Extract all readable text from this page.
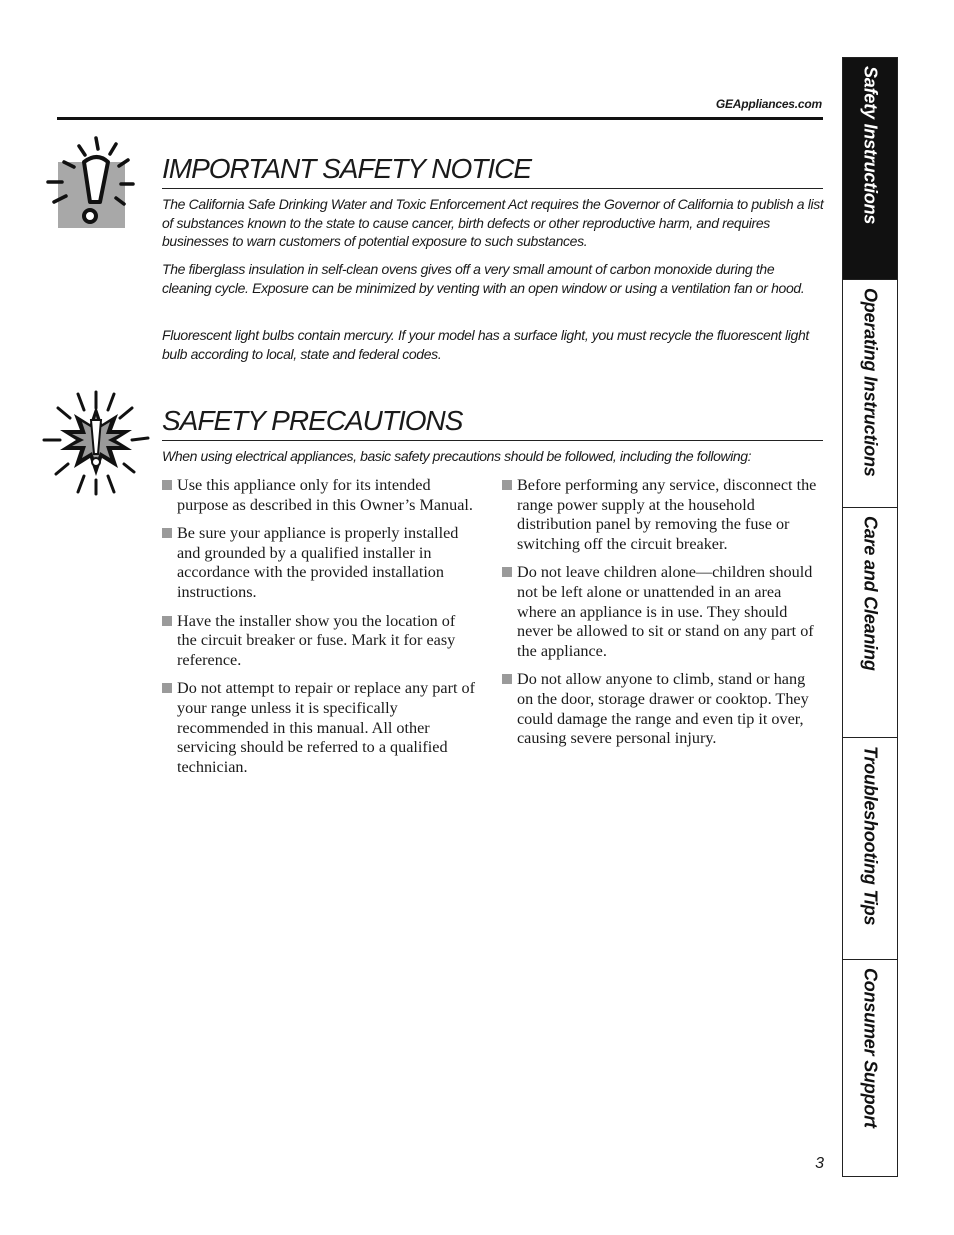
GEAppliances.com
IMPORTANT SAFETY NOTICE

The California Safe Drinking Water and Toxic Enforcement Act requires the Governor of California to publish a list of substances known to the state to cause cancer, birth defects or other reproductive harm, and requires businesses to warn customers of potential exposure to such substances.

The fiberglass insulation in self-clean ovens gives off a very small amount of carbon monoxide during the cleaning cycle. Exposure can be minimized by venting with an open window or using a ventilation fan or hood.

Fluorescent light bulbs contain mercury. If your model has a surface light, you must recycle the fluorescent light bulb according to local, state and federal codes.

SAFETY PRECAUTIONS

When using electrical appliances, basic safety precautions should be followed, including the following:

Use this appliance only for its intended purpose as described in this Owner’s Manual.
Be sure your appliance is properly installed and grounded by a qualified installer in accordance with the provided installation instructions.
Have the installer show you the location of the circuit breaker or fuse. Mark it for easy reference.
Do not attempt to repair or replace any part of your range unless it is specifically recommended in this manual. All other servicing should be referred to a qualified technician.
Before performing any service, disconnect the range power supply at the household distribution panel by removing the fuse or switching off the circuit breaker.
Do not leave children alone—children should not be left alone or unattended in an area where an appliance is in use. They should never be allowed to sit or stand on any part of the appliance.
Do not allow anyone to climb, stand or hang on the door, storage drawer or cooktop. They could damage the range and even tip it over, causing severe personal injury.
3
Safety Instructions
Operating Instructions
Care and Cleaning
Troubleshooting Tips
Consumer Support
